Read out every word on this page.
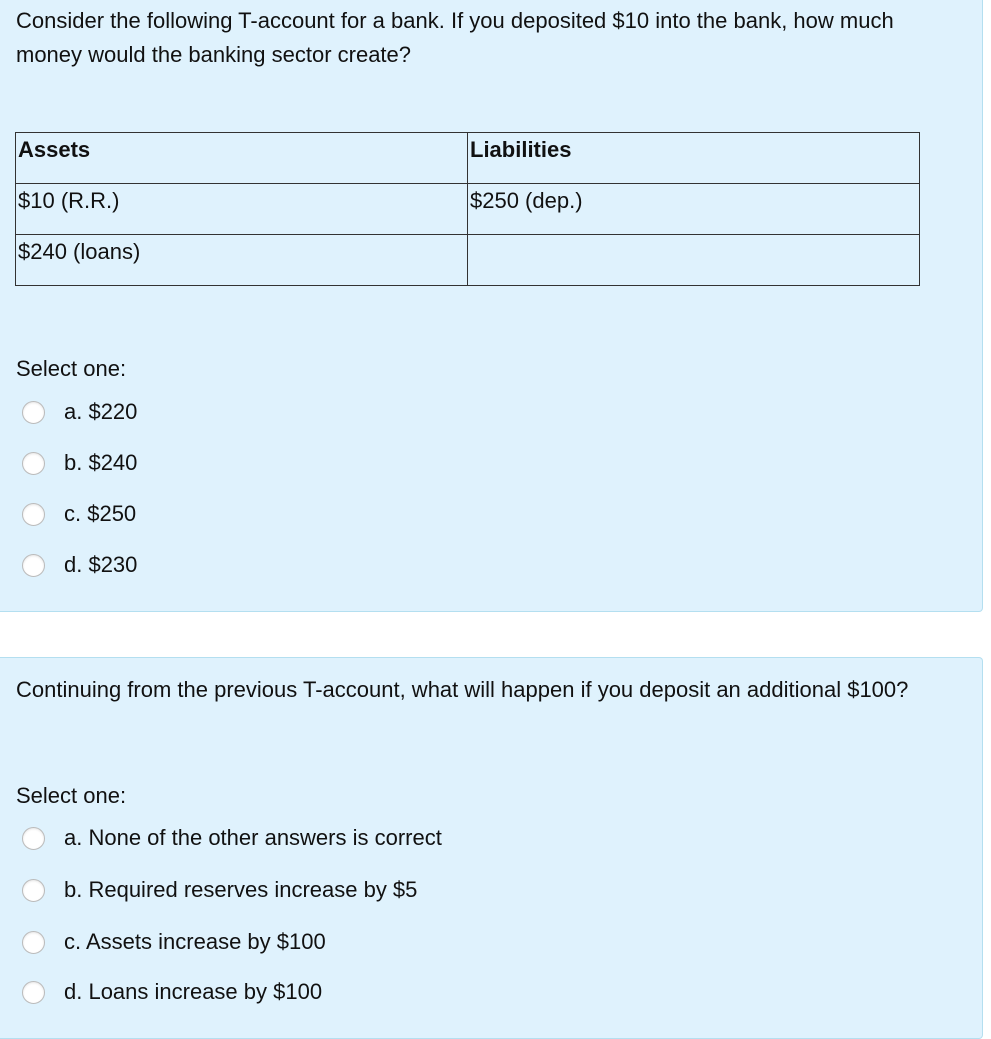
Consider the following T-account for a bank. If you deposited $10 into the bank, how much money would the banking sector create?
Assets	Liabilities
$10 (R.R.)	$250 (dep.)
$240 (loans)	
Select one:
a. $220
b. $240
c. $250
d. $230
Continuing from the previous T-account, what will happen if you deposit an additional $100?
Select one:
a. None of the other answers is correct
b. Required reserves increase by $5
c. Assets increase by $100
d. Loans increase by $100
